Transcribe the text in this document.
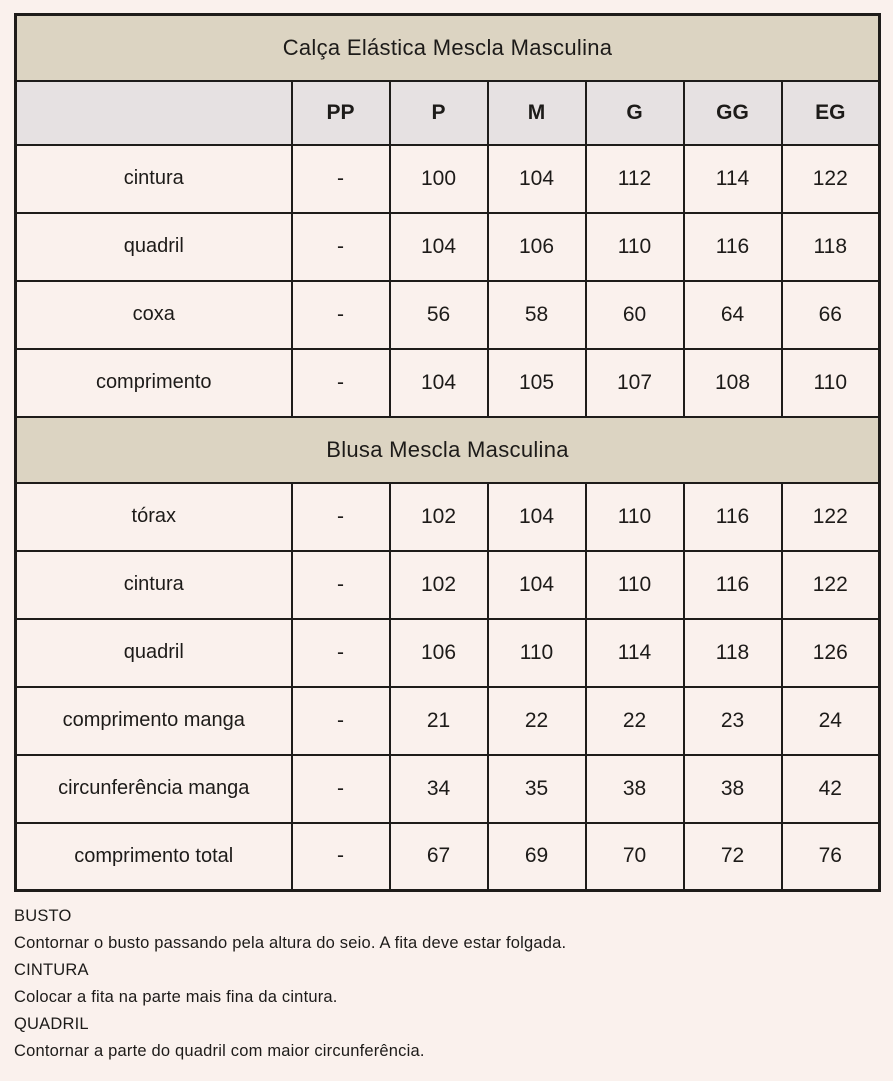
Calça Elástica Mescla Masculina						
	PP	P	M	G	GG	EG
cintura	-	100	104	112	114	122
quadril	-	104	106	110	116	118
coxa	-	56	58	60	64	66
comprimento	-	104	105	107	108	110
Blusa Mescla Masculina						
tórax	-	102	104	110	116	122
cintura	-	102	104	110	116	122
quadril	-	106	110	114	118	126
comprimento manga	-	21	22	22	23	24
circunferência manga	-	34	35	38	38	42
comprimento total	-	67	69	70	72	76
BUSTO
Contornar o busto passando pela altura do seio. A fita deve estar folgada.
CINTURA
Colocar a fita na parte mais fina da cintura.
QUADRIL
Contornar a parte do quadril com maior circunferência.
